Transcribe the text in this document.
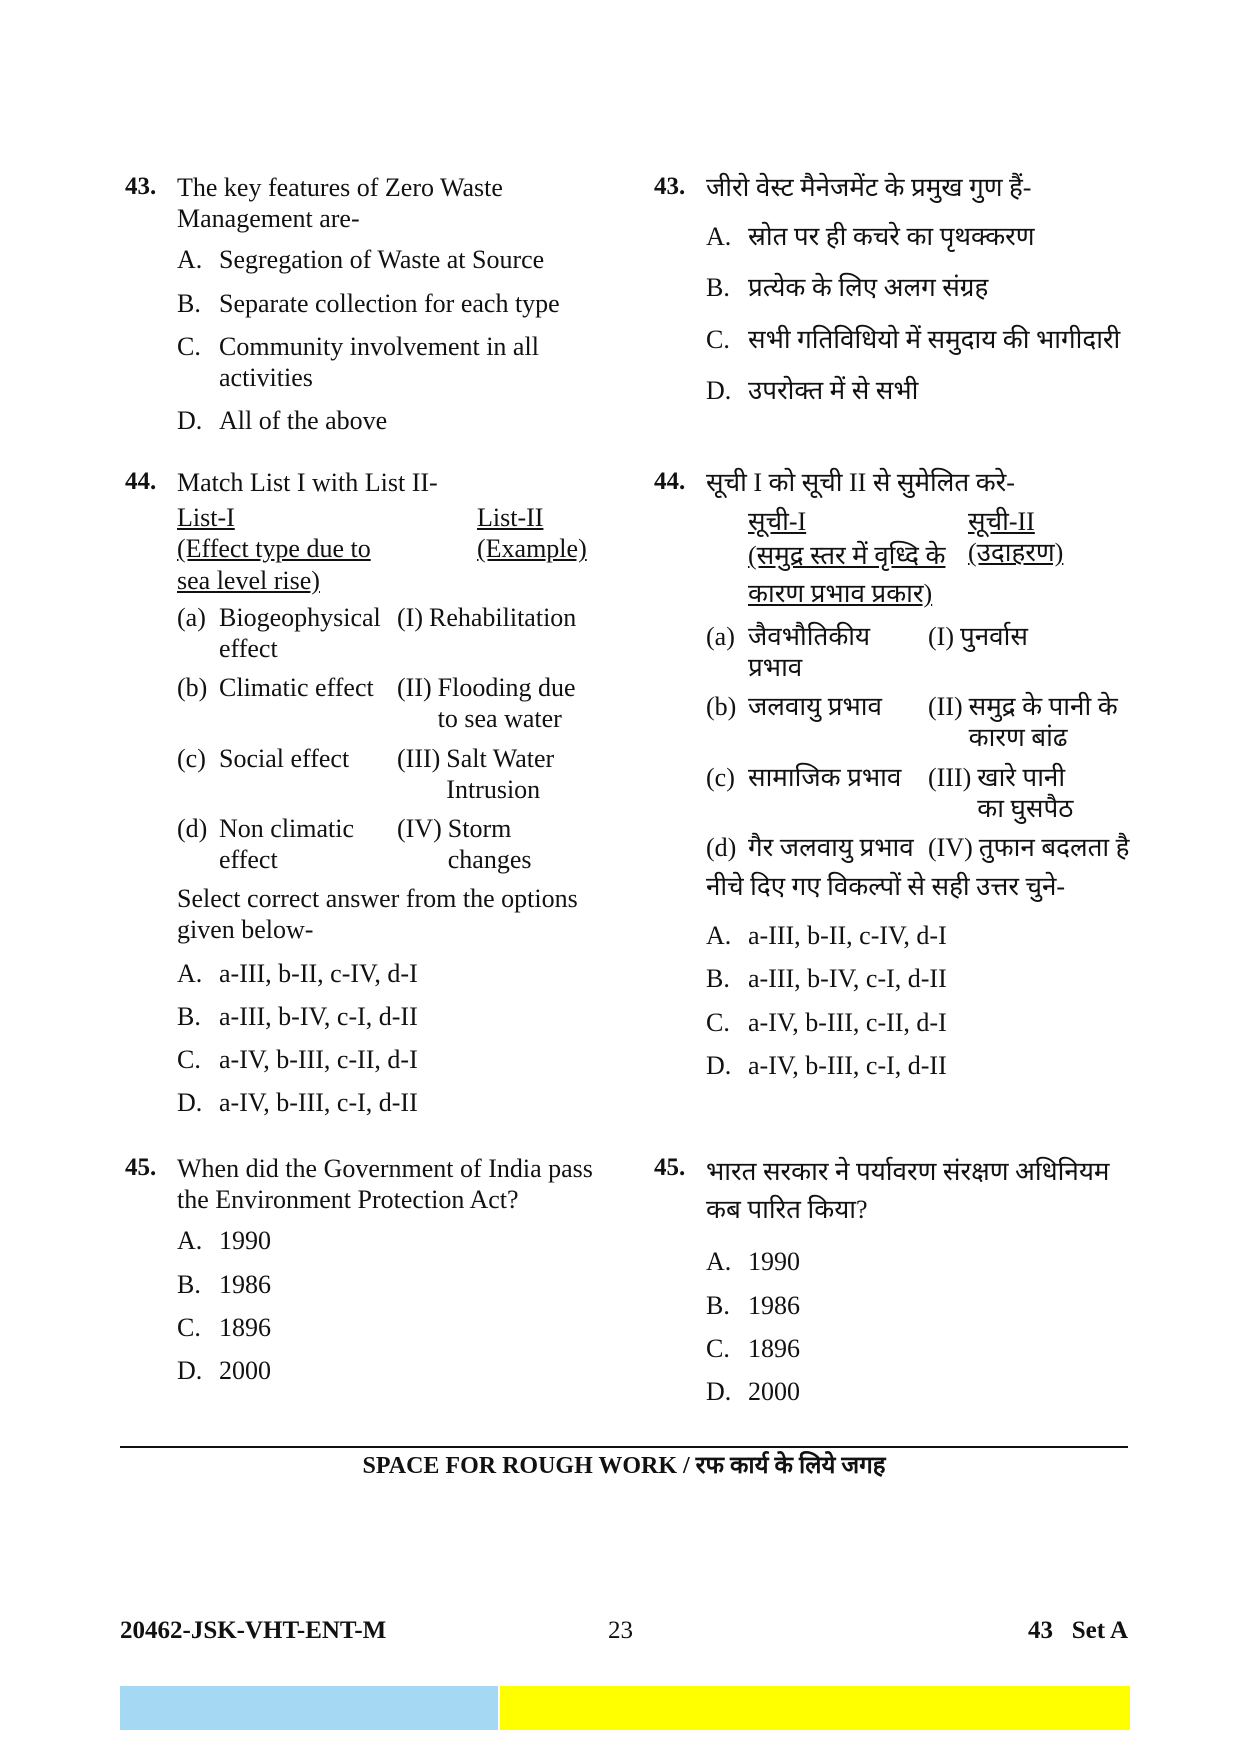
43. The key features of Zero Waste Management are-
A. Segregation of Waste at Source
B. Separate collection for each type
C. Community involvement in all activities
D. All of the above
44. Match List I with List II-
List-I
(Effect type due to sea level rise)
List-II
(Example)
(a) Biogeophysical effect
(I) Rehabilitation
(b) Climatic effect (II) Flooding due to sea water
(c) Social effect (III) Salt Water Intrusion
(d) Non climatic effect
(IV) Storm changes
Select correct answer from the options given below-
A. a-III, b-II, c-IV, d-I
B. a-III, b-IV, c-I, d-II
C. a-IV, b-III, c-II, d-I
D. a-IV, b-III, c-I, d-II
45. When did the Government of India pass the Environment Protection Act?
A. 1990
B. 1986
C. 1896
D. 2000
43. जीरो वेस्ट मैनेजमेंट के प्रमुख गुण हैं-
A. स्रोत पर ही कचरे का पृथक्करण
B. प्रत्येक के लिए अलग संग्रह
C. सभी गतिविधियो में समुदाय की भागीदारी
D. उपरोक्त में से सभी
44. सूची I को सूची II से सुमेलित करे-
सूची-I
(समुद्र स्तर में वृध्दि के कारण प्रभाव प्रकार)
सूची-II
(उदाहरण)
(a) जैवभौतिकीय प्रभाव
(I) पुनर्वास
(b) जलवायु प्रभाव (II) समुद्र के पानी के कारण बांढ
(c) सामाजिक प्रभाव (III) खारे पानी का घुसपैठ
(d) गैर जलवायु प्रभाव (IV) तुफान बदलता है
नीचे दिए गए विकल्पों से सही उत्तर चुने-
A. a-III, b-II, c-IV, d-I
B. a-III, b-IV, c-I, d-II
C. a-IV, b-III, c-II, d-I
D. a-IV, b-III, c-I, d-II
45. भारत सरकार ने पर्यावरण संरक्षण अधिनियम कब पारित किया?
A. 1990
B. 1986
C. 1896
D. 2000
SPACE FOR ROUGH WORK / रफ कार्य के लिये जगह
20462-JSK-VHT-ENT-M	23	43   Set A
